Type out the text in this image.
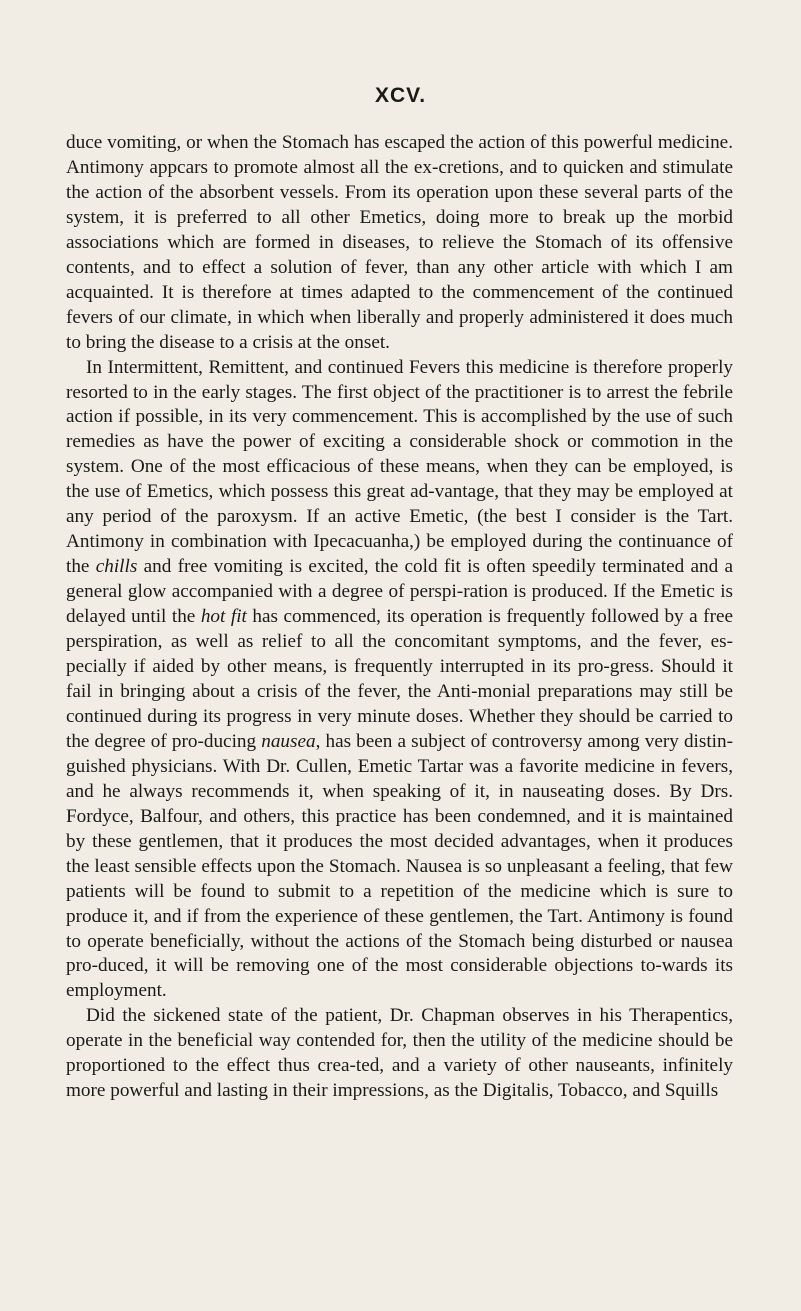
XCV.

duce vomiting, or when the Stomach has escaped the action of this powerful medicine. Antimony appcars to promote almost all the ex-cretions, and to quicken and stimulate the action of the absorbent vessels. From its operation upon these several parts of the system, it is preferred to all other Emetics, doing more to break up the morbid associations which are formed in diseases, to relieve the Stomach of its offensive contents, and to effect a solution of fever, than any other article with which I am acquainted. It is therefore at times adapted to the commencement of the continued fevers of our climate, in which when liberally and properly administered it does much to bring the disease to a crisis at the onset.

In Intermittent, Remittent, and continued Fevers this medicine is therefore properly resorted to in the early stages. The first object of the practitioner is to arrest the febrile action if possible, in its very commencement. This is accomplished by the use of such remedies as have the power of exciting a considerable shock or commotion in the system. One of the most efficacious of these means, when they can be employed, is the use of Emetics, which possess this great ad-vantage, that they may be employed at any period of the paroxysm. If an active Emetic, (the best I consider is the Tart. Antimony in combination with Ipecacuanha,) be employed during the continuance of the chills and free vomiting is excited, the cold fit is often speedily terminated and a general glow accompanied with a degree of perspi-ration is produced. If the Emetic is delayed until the hot fit has commenced, its operation is frequently followed by a free perspiration, as well as relief to all the concomitant symptoms, and the fever, es-pecially if aided by other means, is frequently interrupted in its pro-gress. Should it fail in bringing about a crisis of the fever, the Anti-monial preparations may still be continued during its progress in very minute doses. Whether they should be carried to the degree of pro-ducing nausea, has been a subject of controversy among very distin-guished physicians. With Dr. Cullen, Emetic Tartar was a favorite medicine in fevers, and he always recommends it, when speaking of it, in nauseating doses. By Drs. Fordyce, Balfour, and others, this practice has been condemned, and it is maintained by these gentlemen, that it produces the most decided advantages, when it produces the least sensible effects upon the Stomach. Nausea is so unpleasant a feeling, that few patients will be found to submit to a repetition of the medicine which is sure to produce it, and if from the experience of these gentlemen, the Tart. Antimony is found to operate beneficially, without the actions of the Stomach being disturbed or nausea pro-duced, it will be removing one of the most considerable objections to-wards its employment.

Did the sickened state of the patient, Dr. Chapman observes in his Therapentics, operate in the beneficial way contended for, then the utility of the medicine should be proportioned to the effect thus crea-ted, and a variety of other nauseants, infinitely more powerful and lasting in their impressions, as the Digitalis, Tobacco, and Squills
